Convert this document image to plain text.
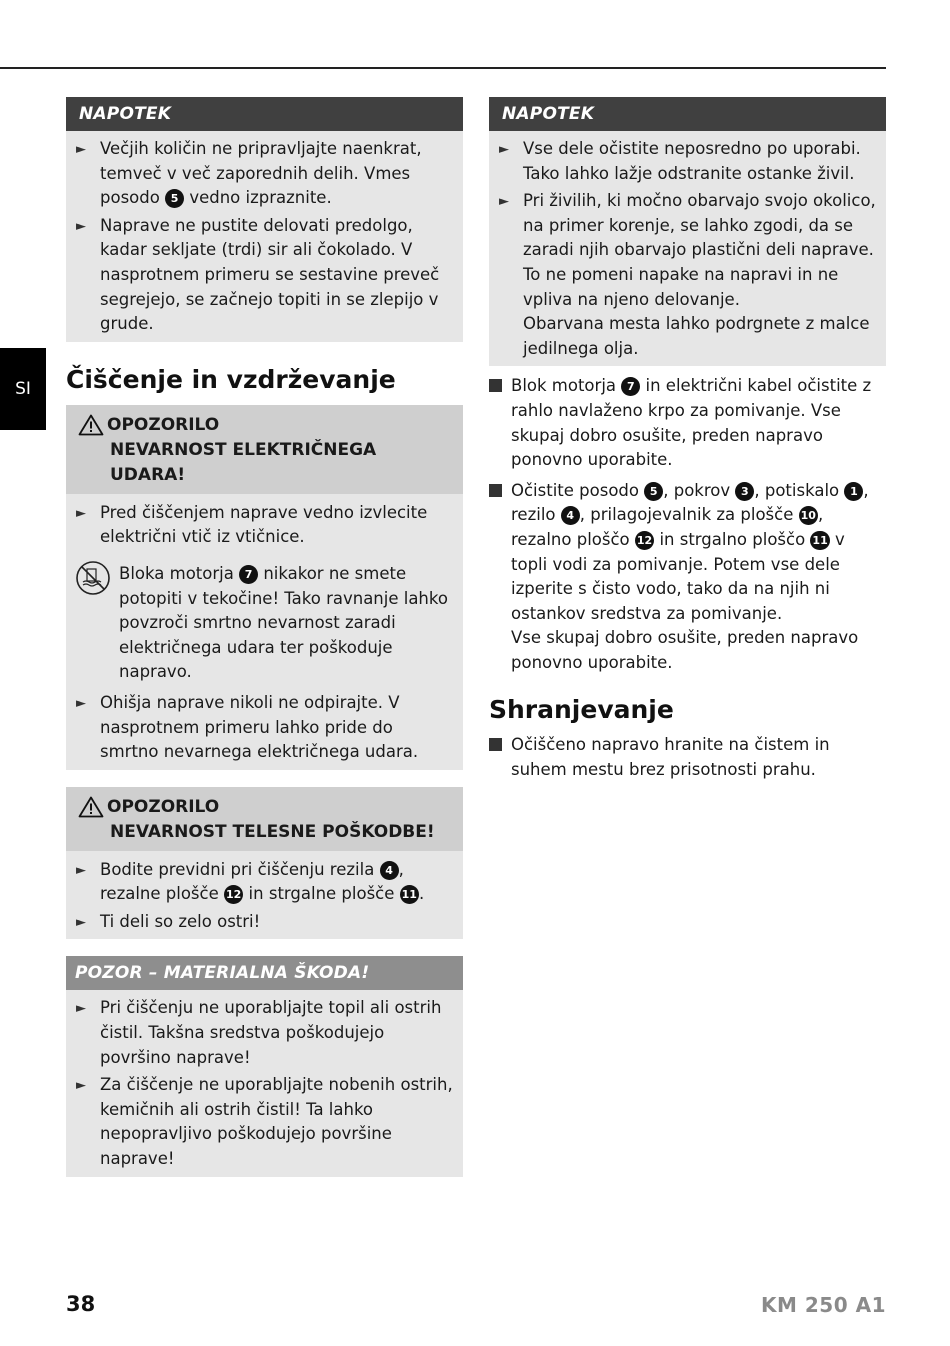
SI
NAPOTEK
► Večjih količin ne pripravljajte naenkrat, temveč v več zaporednih delih. Vmes posodo 5 vedno izpraznite.
► Naprave ne pustite delovati predolgo, kadar sekljate (trdi) sir ali čokolado. V nasprotnem primeru se sestavine preveč segrejejo, se začnejo topiti in se zlepijo v grude.
Čiščenje in vzdrževanje
OPOZORILO
NEVARNOST ELEKTRIČNEGA UDARA!
► Pred čiščenjem naprave vedno izvlecite električni vtič iz vtičnice.
Bloka motorja 7 nikakor ne smete potopiti v tekočine! Tako ravnanje lahko povzroči smrtno nevarnost zaradi električnega udara ter poškoduje napravo.
► Ohišja naprave nikoli ne odpirajte. V nasprotnem primeru lahko pride do smrtno nevarnega električnega udara.
OPOZORILO
NEVARNOST TELESNE POŠKODBE!
► Bodite previdni pri čiščenju rezila 4 , rezalne plošče 12 in strgalne plošče 11 .
► Ti deli so zelo ostri!
POZOR – MATERIALNA ŠKODA!
► Pri čiščenju ne uporabljajte topil ali ostrih čistil. Takšna sredstva poškodujejo površino naprave!
► Za čiščenje ne uporabljajte nobenih ostrih, kemičnih ali ostrih čistil! Ta lahko nepopravljivo poškodujejo površine naprave!
NAPOTEK
► Vse dele očistite neposredno po uporabi. Tako lahko lažje odstranite ostanke živil.
► Pri živilih, ki močno obarvajo svojo okolico, na primer korenje, se lahko zgodi, da se zaradi njih obarvajo plastični deli naprave. To ne pomeni napake na napravi in ne vpliva na njeno delovanje.
Obarvana mesta lahko podrgnete z malce jedilnega olja.
Blok motorja 7 in električni kabel očistite z rahlo navlaženo krpo za pomivanje. Vse skupaj dobro osušite, preden napravo ponovno uporabite.
Očistite posodo 5 , pokrov 3 , potiskalo 1 , rezilo 4 , prilagojevalnik za plošče 10 , rezalno ploščo 12 in strgalno ploščo 11 v topli vodi za pomivanje. Potem vse dele izperite s čisto vodo, tako da na njih ni ostankov sredstva za pomivanje.
Vse skupaj dobro osušite, preden napravo ponovno uporabite.
Shranjevanje
Očiščeno napravo hranite na čistem in suhem mestu brez prisotnosti prahu.
38	KM 250 A1
